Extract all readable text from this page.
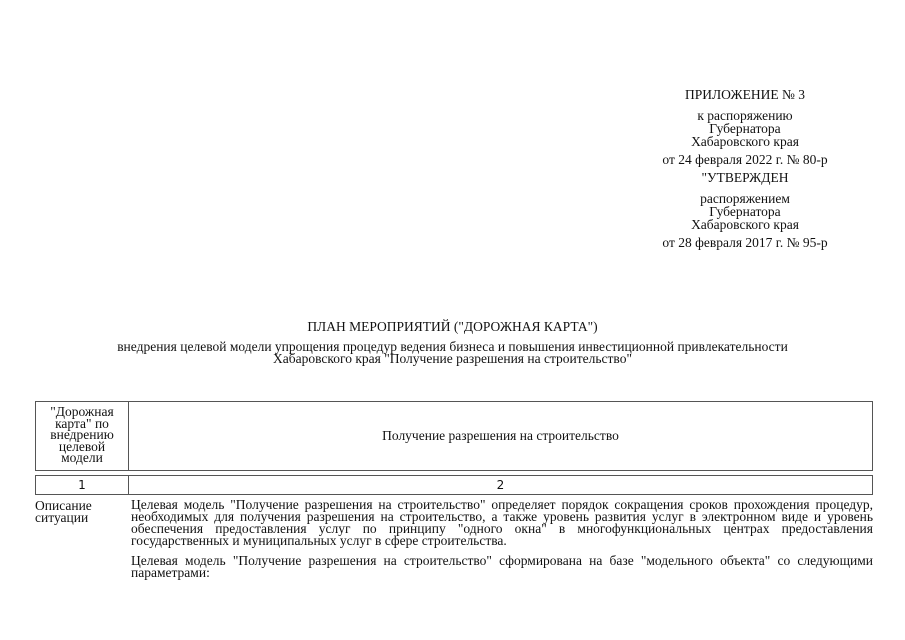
ПРИЛОЖЕНИЕ № 3
к распоряжению
Губернатора
Хабаровского края
от 24 февраля 2022 г. № 80-р
"УТВЕРЖДЕН
распоряжением
Губернатора
Хабаровского края
от 28 февраля 2017 г. № 95-р
ПЛАН МЕРОПРИЯТИЙ ("ДОРОЖНАЯ КАРТА")
внедрения целевой модели упрощения процедур ведения бизнеса и повышения инвестиционной привлекательности
Хабаровского края "Получение разрешения на строительство"
"Дорожная
карта" по
внедрению
целевой
модели
Получение разрешения на строительство
1	2
Описание
ситуации

Целевая модель "Получение разрешения на строительство" определяет порядок сокращения сроков прохождения процедур, необходимых для получения разрешения на строительство, а также уровень развития услуг в электронном виде и уровень обеспечения предоставления услуг по принципу "одного окна" в многофункциональных центрах предоставления государственных и муниципальных услуг в сфере строительства.

Целевая модель "Получение разрешения на строительство" сформирована на базе "модельного объекта" со следующими параметрами:
